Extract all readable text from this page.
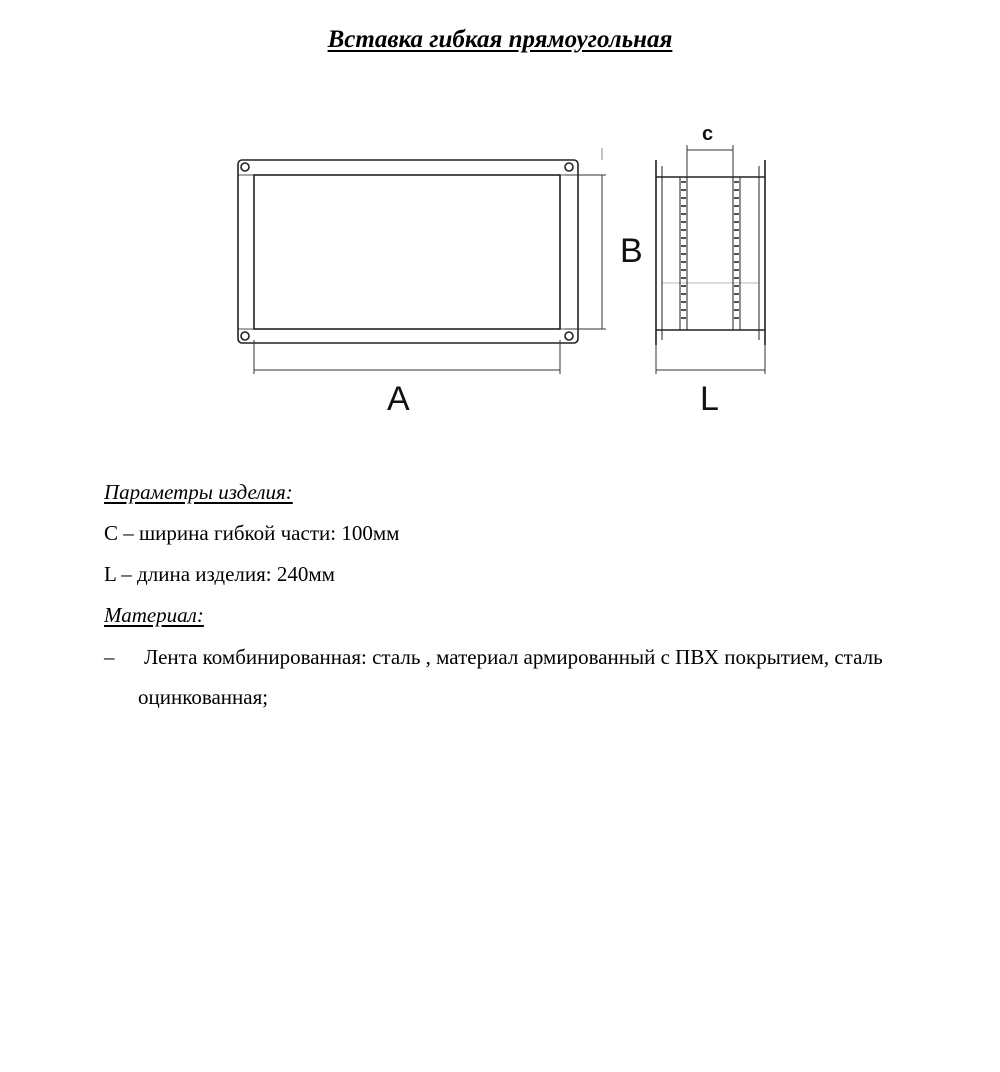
Вставка гибкая прямоугольная
B
A
c
L
Параметры изделия:
С – ширина гибкой части: 100мм
L – длина изделия: 240мм
Материал:
– Лента комбинированная: сталь , материал армированный с ПВХ покрытием, сталь оцинкованная;
